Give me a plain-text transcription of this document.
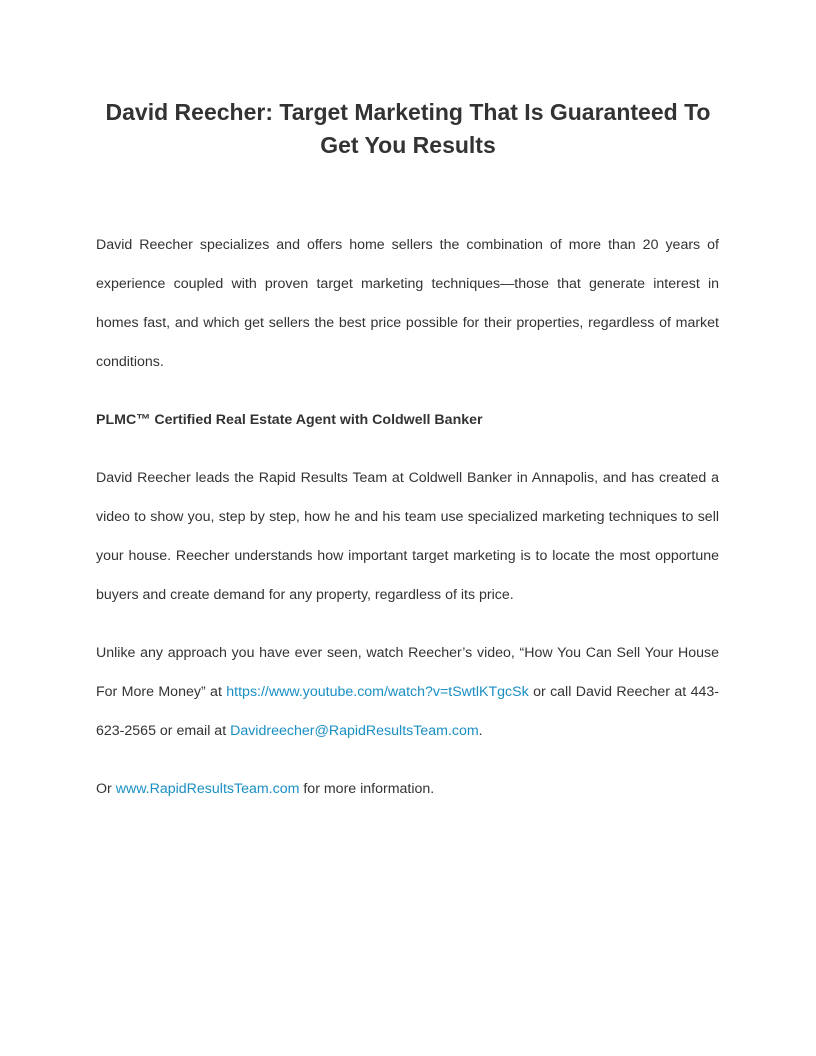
David Reecher: Target Marketing That Is Guaranteed To Get You Results

David Reecher specializes and offers home sellers the combination of more than 20 years of experience coupled with proven target marketing techniques—those that generate interest in homes fast, and which get sellers the best price possible for their properties, regardless of market conditions.

PLMC™ Certified Real Estate Agent with Coldwell Banker

David Reecher leads the Rapid Results Team at Coldwell Banker in Annapolis, and has created a video to show you, step by step, how he and his team use specialized marketing techniques to sell your house. Reecher understands how important target marketing is to locate the most opportune buyers and create demand for any property, regardless of its price.

Unlike any approach you have ever seen, watch Reecher’s video, “How You Can Sell Your House For More Money” at https://www.youtube.com/watch?v=tSwtlKTgcSk or call David Reecher at 443-623-2565 or email at Davidreecher@RapidResultsTeam.com.

Or www.RapidResultsTeam.com for more information.
